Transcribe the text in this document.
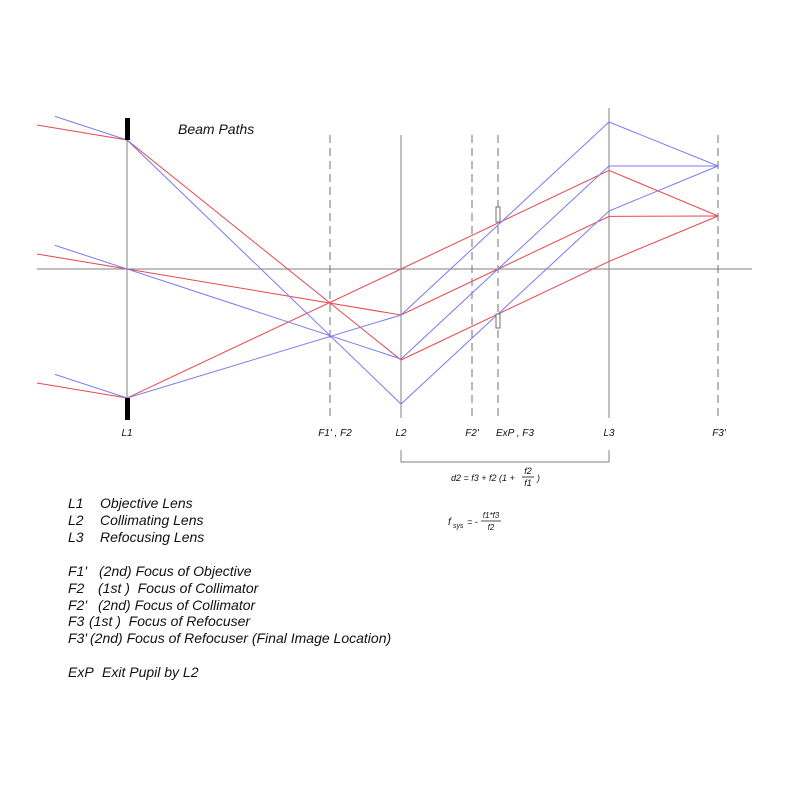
Beam Paths
L1	F1' , F2	L2	F2' ExP , F3	L3	F3'
d2 = f3 + f2 (1 +
f2
f1 )
f sys = -
f1*f3
f2
L1 Objective Lens
L2 Collimating Lens
L3 Refocusing Lens
F1' (2nd) Focus of Objective
F2 (1st )  Focus of Collimator
F2' (2nd) Focus of Collimator
F3 (1st )  Focus of Refocuser
F3' (2nd) Focus of Refocuser (Final Image Location)
ExP Exit Pupil by L2
